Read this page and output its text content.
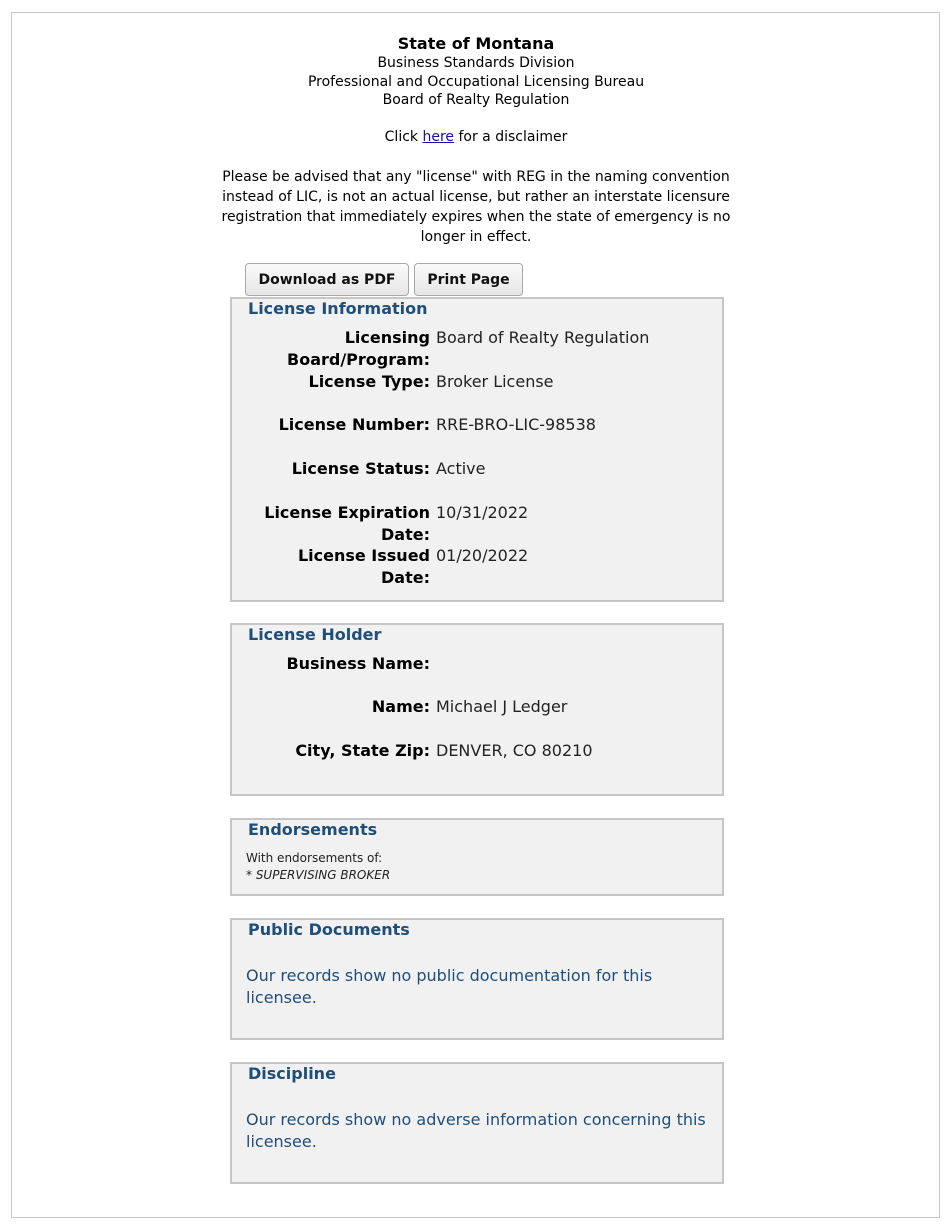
State of Montana
Business Standards Division
Professional and Occupational Licensing Bureau
Board of Realty Regulation
Click here for a disclaimer
Please be advised that any "license" with REG in the naming convention instead of LIC, is not an actual license, but rather an interstate licensure registration that immediately expires when the state of emergency is no longer in effect.
Download as PDF	Print Page
License Information
Licensing
Board/Program:
Board of Realty Regulation
License Type: Broker License
License Number: RRE-BRO-LIC-98538
License Status: Active
License Expiration
Date:
10/31/2022
License Issued
Date:
01/20/2022
License Holder
Business Name:
Name: Michael J Ledger
City, State Zip: DENVER, CO 80210
Endorsements
With endorsements of:
* SUPERVISING BROKER
Public Documents
Our records show no public documentation for this licensee.
Discipline
Our records show no adverse information concerning this licensee.
